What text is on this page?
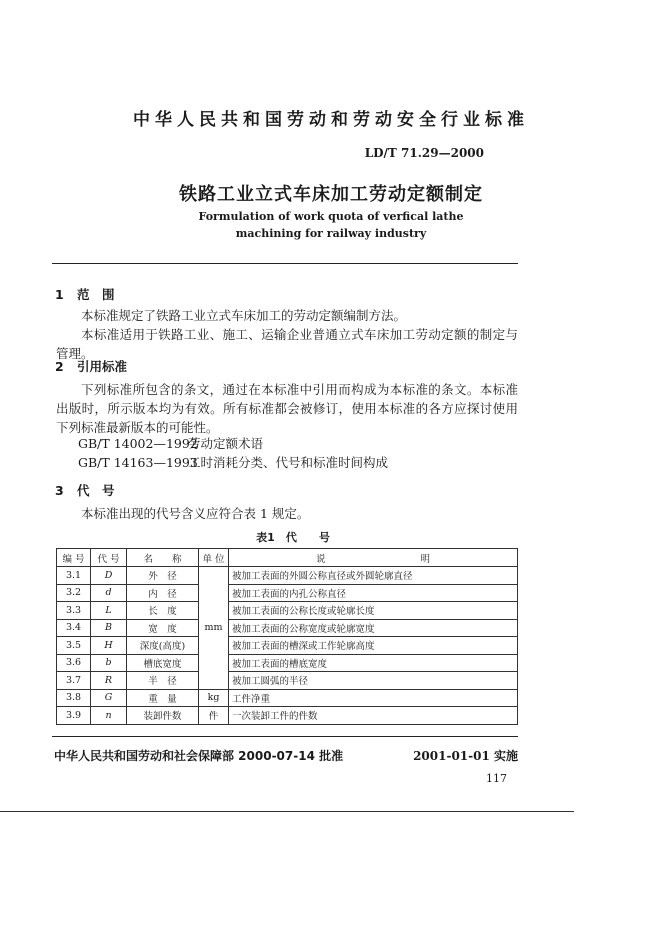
中华人民共和国劳动和劳动安全行业标准
LD/T 71.29—2000
铁路工业立式车床加工劳动定额制定
Formulation of work quota of verfical lathe
machining for railway industry
1 范　围
本标准规定了铁路工业立式车床加工的劳动定额编制方法。
本标准适用于铁路工业、施工、运输企业普通立式车床加工劳动定额的制定与管理。
2 引用标准
下列标准所包含的条文，通过在本标准中引用而构成为本标准的条文。本标准出版时，所示版本均为有效。所有标准都会被修订，使用本标准的各方应探讨使用下列标准最新版本的可能性。
GB/T 14002—1992劳动定额术语
GB/T 14163—1993工时消耗分类、代号和标准时间构成
3 代　号
本标准出现的代号含义应符合表 1 规定。
表1　代　　号
编 号	代 号	名　　称	单 位	说　　　　　　　　　　明
3.1	D	外　径	mm	被加工表面的外圆公称直径或外圆轮廓直径
3.2	d	内　径		被加工表面的内孔公称直径
3.3	L	长　度		被加工表面的公称长度或轮廓长度
3.4	B	宽　度		被加工表面的公称宽度或轮廓宽度
3.5	H	深度(高度)		被加工表面的槽深或工作轮廓高度
3.6	b	槽底宽度		被加工表面的槽底宽度
3.7	R	半　径		被加工圆弧的半径
3.8	G	重　量	kg	工件净重
3.9	n	装卸件数	件	一次装卸工件的件数
中华人民共和国劳动和社会保障部 2000-07-14 批准	2001-01-01 实施
117
